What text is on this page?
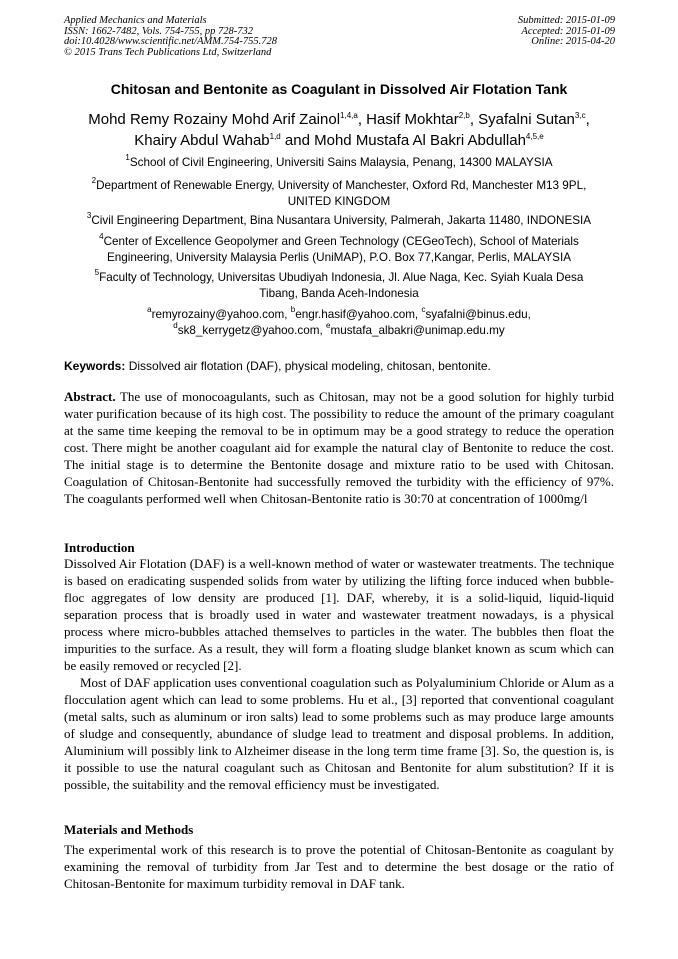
Applied Mechanics and Materials
ISSN: 1662-7482, Vols. 754-755, pp 728-732
doi:10.4028/www.scientific.net/AMM.754-755.728
© 2015 Trans Tech Publications Ltd, Switzerland
Submitted: 2015-01-09
Accepted: 2015-01-09
Online: 2015-04-20
Chitosan and Bentonite as Coagulant in Dissolved Air Flotation Tank
Mohd Remy Rozainy Mohd Arif Zainol$^{1,4,a}$, Hasif Mokhtar$^{2,b}$, Syafalni Sutan$^{3,c}$,
Khairy Abdul Wahab$^{1,d}$ and Mohd Mustafa Al Bakri Abdullah$^{4,5,e}$
$^1$School of Civil Engineering, Universiti Sains Malaysia, Penang, 14300 MALAYSIA
$^2$Department of Renewable Energy, University of Manchester, Oxford Rd, Manchester M13 9PL,
UNITED KINGDOM
$^3$Civil Engineering Department, Bina Nusantara University, Palmerah, Jakarta 11480, INDONESIA
$^4$Center of Excellence Geopolymer and Green Technology (CEGeoTech), School of Materials
Engineering, University Malaysia Perlis (UniMAP), P.O. Box 77,Kangar, Perlis, MALAYSIA
$^5$Faculty of Technology, Universitas Ubudiyah Indonesia, Jl. Alue Naga, Kec. Syiah Kuala Desa
Tibang, Banda Aceh-Indonesia
$^a$remyrozainy@yahoo.com, $^b$engr.hasif@yahoo.com, $^c$syafalni@binus.edu,
$^d$sk8_kerrygetz@yahoo.com, $^e$mustafa_albakri@unimap.edu.my
Keywords: Dissolved air flotation (DAF), physical modeling, chitosan, bentonite.

Abstract. The use of monocoagulants, such as Chitosan, may not be a good solution for highly turbid water purification because of its high cost. The possibility to reduce the amount of the primary coagulant at the same time keeping the removal to be in optimum may be a good strategy to reduce the operation cost. There might be another coagulant aid for example the natural clay of Bentonite to reduce the cost. The initial stage is to determine the Bentonite dosage and mixture ratio to be used with Chitosan. Coagulation of Chitosan-Bentonite had successfully removed the turbidity with the efficiency of 97%. The coagulants performed well when Chitosan-Bentonite ratio is 30:70 at concentration of 1000mg/l

Introduction

Dissolved Air Flotation (DAF) is a well-known method of water or wastewater treatments. The technique is based on eradicating suspended solids from water by utilizing the lifting force induced when bubble-floc aggregates of low density are produced [1]. DAF, whereby, it is a solid-liquid, liquid-liquid separation process that is broadly used in water and wastewater treatment nowadays, is a physical process where micro-bubbles attached themselves to particles in the water. The bubbles then float the impurities to the surface. As a result, they will form a floating sludge blanket known as scum which can be easily removed or recycled [2].

Most of DAF application uses conventional coagulation such as Polyaluminium Chloride or Alum as a flocculation agent which can lead to some problems. Hu et al., [3] reported that conventional coagulant (metal salts, such as aluminum or iron salts) lead to some problems such as may produce large amounts of sludge and consequently, abundance of sludge lead to treatment and disposal problems. In addition, Aluminium will possibly link to Alzheimer disease in the long term time frame [3]. So, the question is, is it possible to use the natural coagulant such as Chitosan and Bentonite for alum substitution? If it is possible, the suitability and the removal efficiency must be investigated.

Materials and Methods

The experimental work of this research is to prove the potential of Chitosan-Bentonite as coagulant by examining the removal of turbidity from Jar Test and to determine the best dosage or the ratio of Chitosan-Bentonite for maximum turbidity removal in DAF tank.
